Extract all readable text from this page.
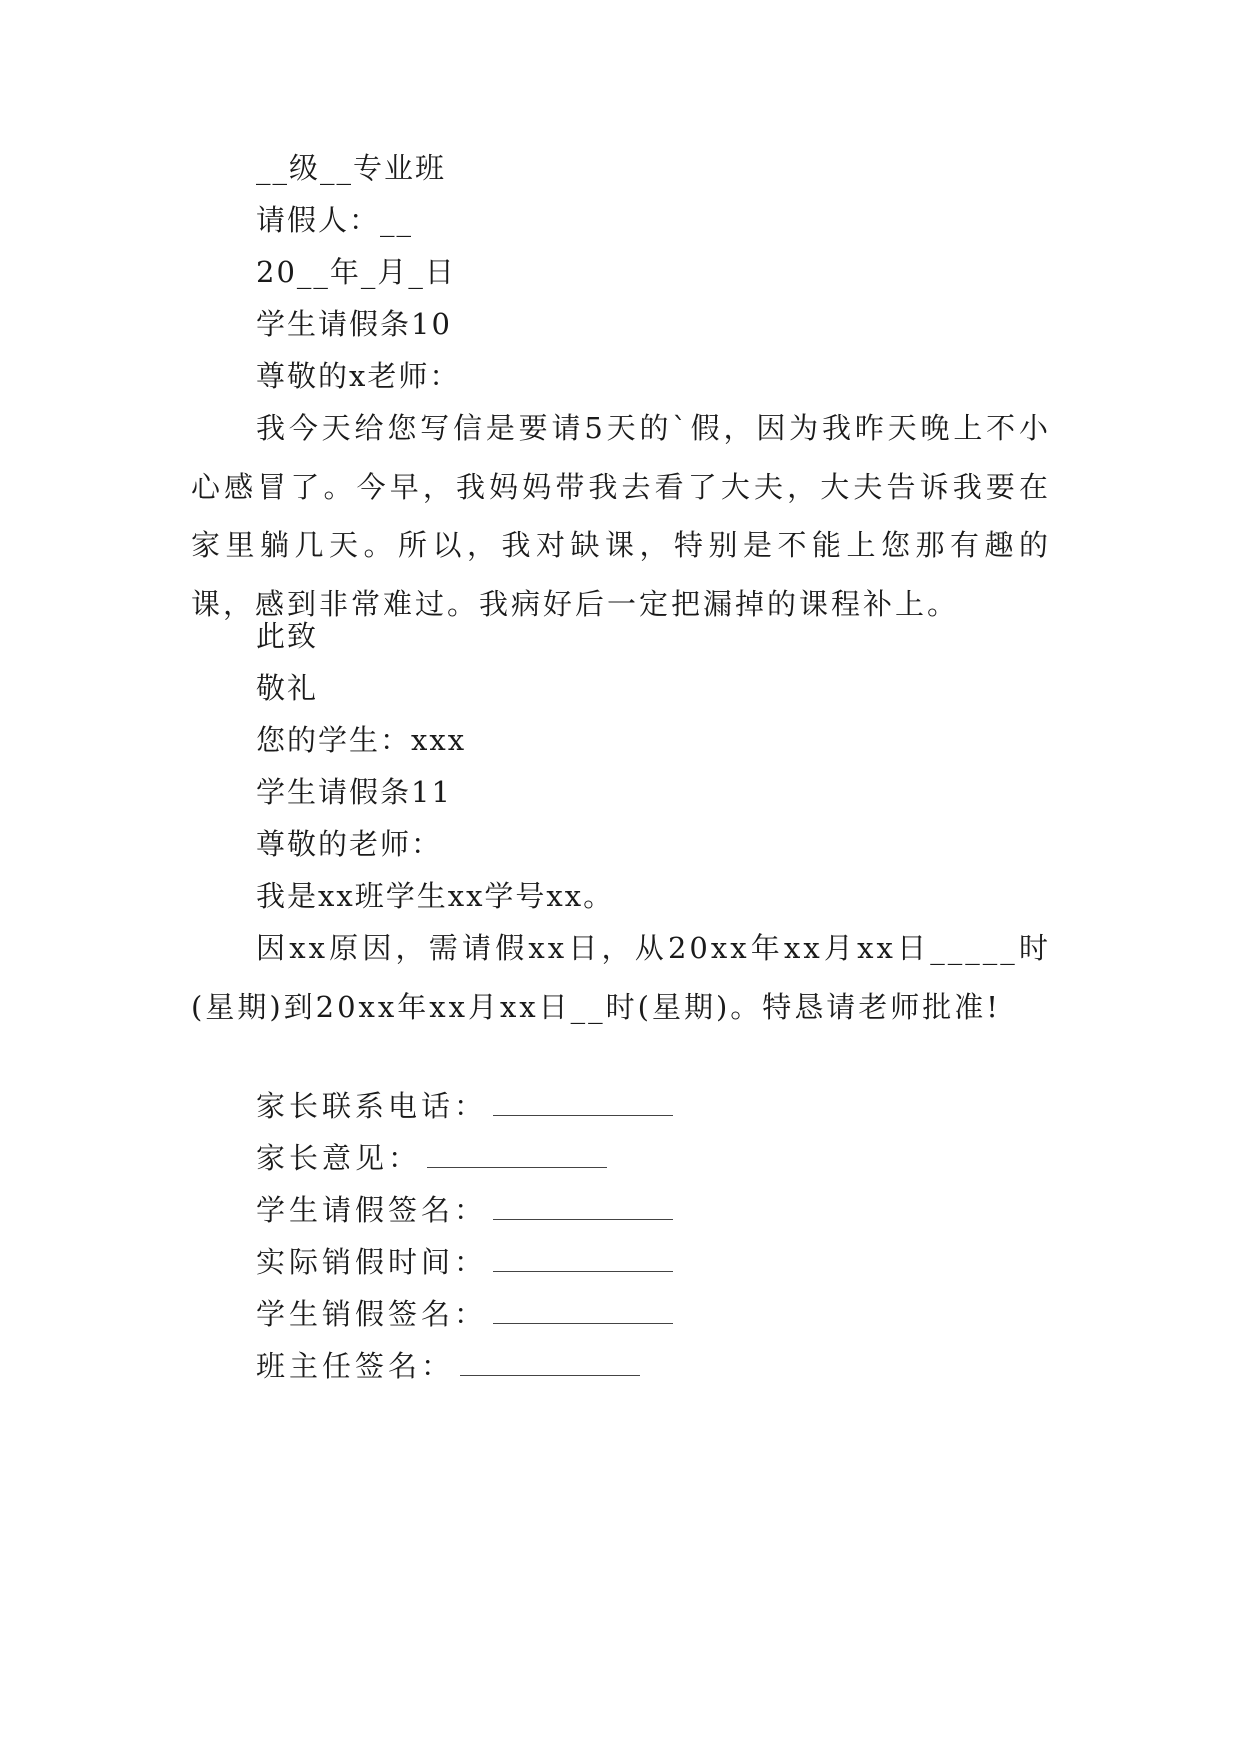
__级__专业班
请假人：__
20__年_月_日
学生请假条10
尊敬的x老师：
我今天给您写信是要请5天的`假，因为我昨天晚上不小心感冒了。今早，我妈妈带我去看了大夫，大夫告诉我要在家里躺几天。所以，我对缺课，特别是不能上您那有趣的课，感到非常难过。我病好后一定把漏掉的课程补上。
此致
敬礼
您的学生：xxx
学生请假条11
尊敬的老师：
我是xx班学生xx学号xx。
因xx原因，需请假xx日，从20xx年xx月xx日_____时(星期)到20xx年xx月xx日__时(星期)。特恳请老师批准!
家长联系电话：
家长意见：
学生请假签名：
实际销假时间：
学生销假签名：
班主任签名：
